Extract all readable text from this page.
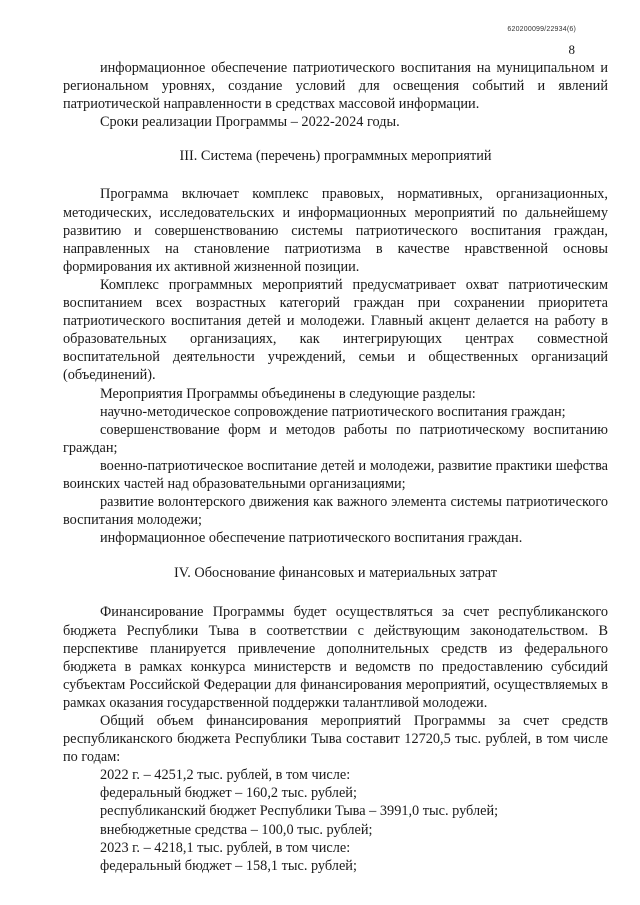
620200099/22934(6)
8

информационное обеспечение патриотического воспитания на муниципальном и региональном уровнях, создание условий для освещения событий и явлений патриотической направленности в средствах массовой информации.

Сроки реализации Программы – 2022-2024 годы.

III. Система (перечень) программных мероприятий

Программа включает комплекс правовых, нормативных, организационных, методических, исследовательских и информационных мероприятий по дальнейшему развитию и совершенствованию системы патриотического воспитания граждан, направленных на становление патриотизма в качестве нравственной основы формирования их активной жизненной позиции.

Комплекс программных мероприятий предусматривает охват патриотическим воспитанием всех возрастных категорий граждан при сохранении приоритета патриотического воспитания детей и молодежи. Главный акцент делается на работу в образовательных организациях, как интегрирующих центрах совместной воспитательной деятельности учреждений, семьи и общественных организаций (объединений).

Мероприятия Программы объединены в следующие разделы:

научно-методическое сопровождение патриотического воспитания граждан;

совершенствование форм и методов работы по патриотическому воспитанию граждан;

военно-патриотическое воспитание детей и молодежи, развитие практики шефства воинских частей над образовательными организациями;

развитие волонтерского движения как важного элемента системы патриотического воспитания молодежи;

информационное обеспечение патриотического воспитания граждан.

IV. Обоснование финансовых и материальных затрат

Финансирование Программы будет осуществляться за счет республиканского бюджета Республики Тыва в соответствии с действующим законодательством. В перспективе планируется привлечение дополнительных средств из федерального бюджета в рамках конкурса министерств и ведомств по предоставлению субсидий субъектам Российской Федерации для финансирования мероприятий, осуществляемых в рамках оказания государственной поддержки талантливой молодежи.

Общий объем финансирования мероприятий Программы за счет средств республиканского бюджета Республики Тыва составит 12720,5 тыс. рублей, в том числе по годам:

2022 г. – 4251,2 тыс. рублей, в том числе:

федеральный бюджет – 160,2 тыс. рублей;

республиканский бюджет Республики Тыва – 3991,0 тыс. рублей;

внебюджетные средства – 100,0 тыс. рублей;

2023 г. – 4218,1 тыс. рублей, в том числе:

федеральный бюджет – 158,1 тыс. рублей;
